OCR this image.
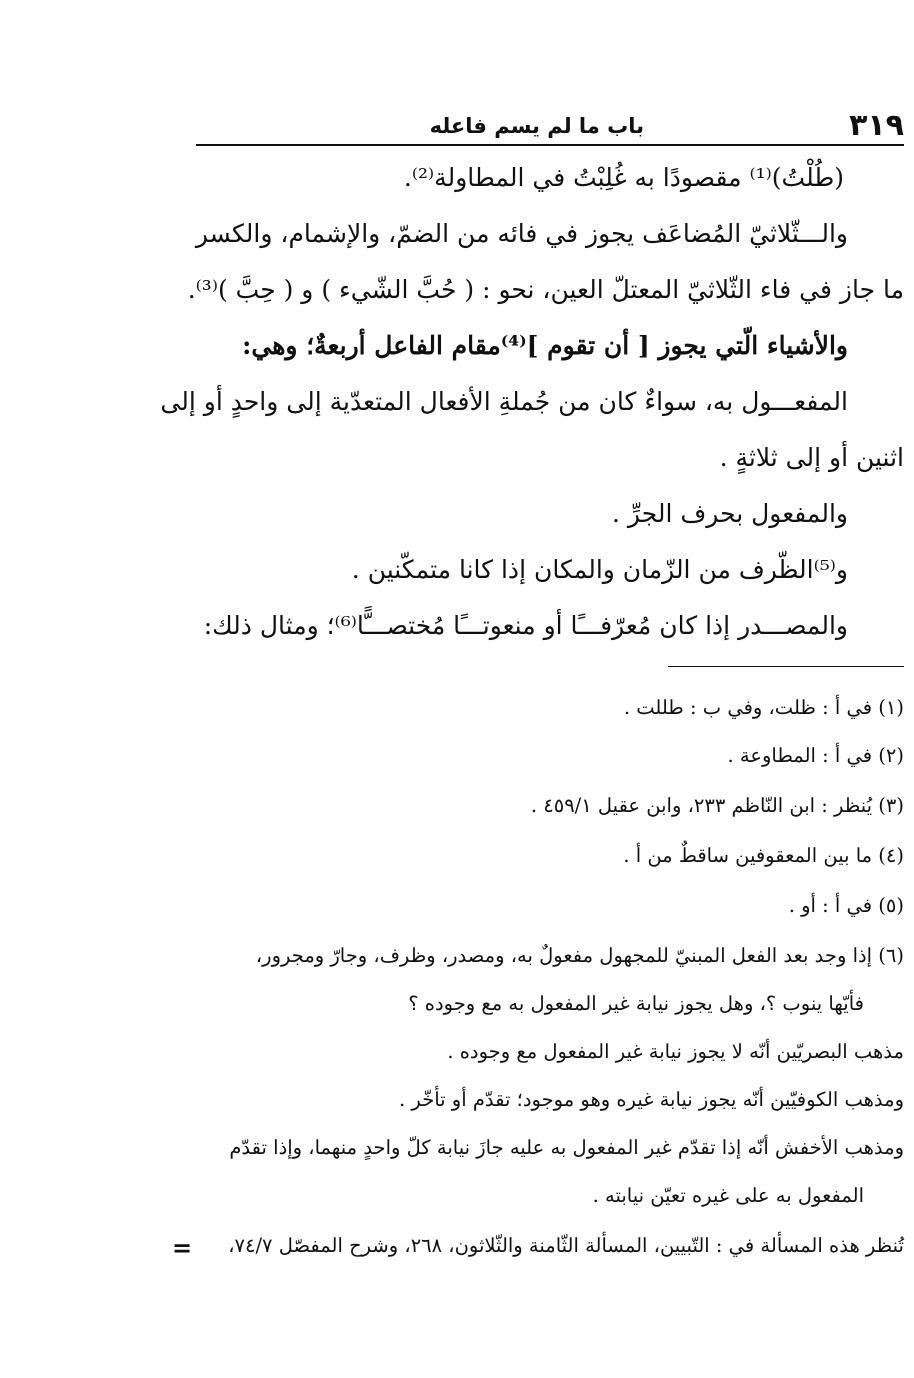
٣١٩
باب ما لم يسم فاعله
(طُلْتُ)⁽¹⁾ مقصودًا به غُلِبْتُ في المطاولة⁽²⁾.
والـــثّلاثيّ المُضاعَف يجوز في فائه من الضمّ، والإشمام، والكسر
ما جاز في فاء الثّلاثيّ المعتلّ العين، نحو : ( حُبَّ الشّيء ) و ( حِبَّ )⁽³⁾.
والأشياء الّتي يجوز [ أن تقوم ]⁽⁴⁾مقام الفاعل أربعةٌ؛ وهي:
المفعـــول به، سواءٌ كان من جُملةِ الأفعال المتعدّية إلى واحدٍ أو إلى
اثنين أو إلى ثلاثةٍ .
والمفعول بحرف الجرِّ .
و⁽⁵⁾الظّرف من الزّمان والمكان إذا كانا متمكّنين .
والمصـــدر إذا كان مُعرّفـــًا أو منعوتـــًا مُختصـــًّا⁽⁶⁾؛ ومثال ذلك:
(١) في أ : ظلت، وفي ب : طللت .
(٢) في أ : المطاوعة .
(٣) يُنظر : ابن النّاظم ٢٣٣، وابن عقيل ٤٥٩/١ .
(٤) ما بين المعقوفين ساقطٌ من أ .
(٥) في أ : أو .
(٦) إذا وجد بعد الفعل المبنيّ للمجهول مفعولٌ به، ومصدر، وظرف، وجارّ ومجرور،
فأيّها ينوب ؟، وهل يجوز نيابة غير المفعول به مع وجوده ؟
مذهب البصريّين أنّه لا يجوز نيابة غير المفعول مع وجوده .
ومذهب الكوفيّين أنّه يجوز نيابة غيره وهو موجود؛ تقدّم أو تأخّر .
ومذهب الأخفش أنّه إذا تقدّم غير المفعول به عليه جازَ نيابة كلّ واحدٍ منهما، وإذا تقدّم
المفعول به على غيره تعيّن نيابته .
تُنظر هذه المسألة في : التّبيين، المسألة الثّامنة والثّلاثون، ٢٦٨، وشرح المفصّل ٧٤/٧،
=
